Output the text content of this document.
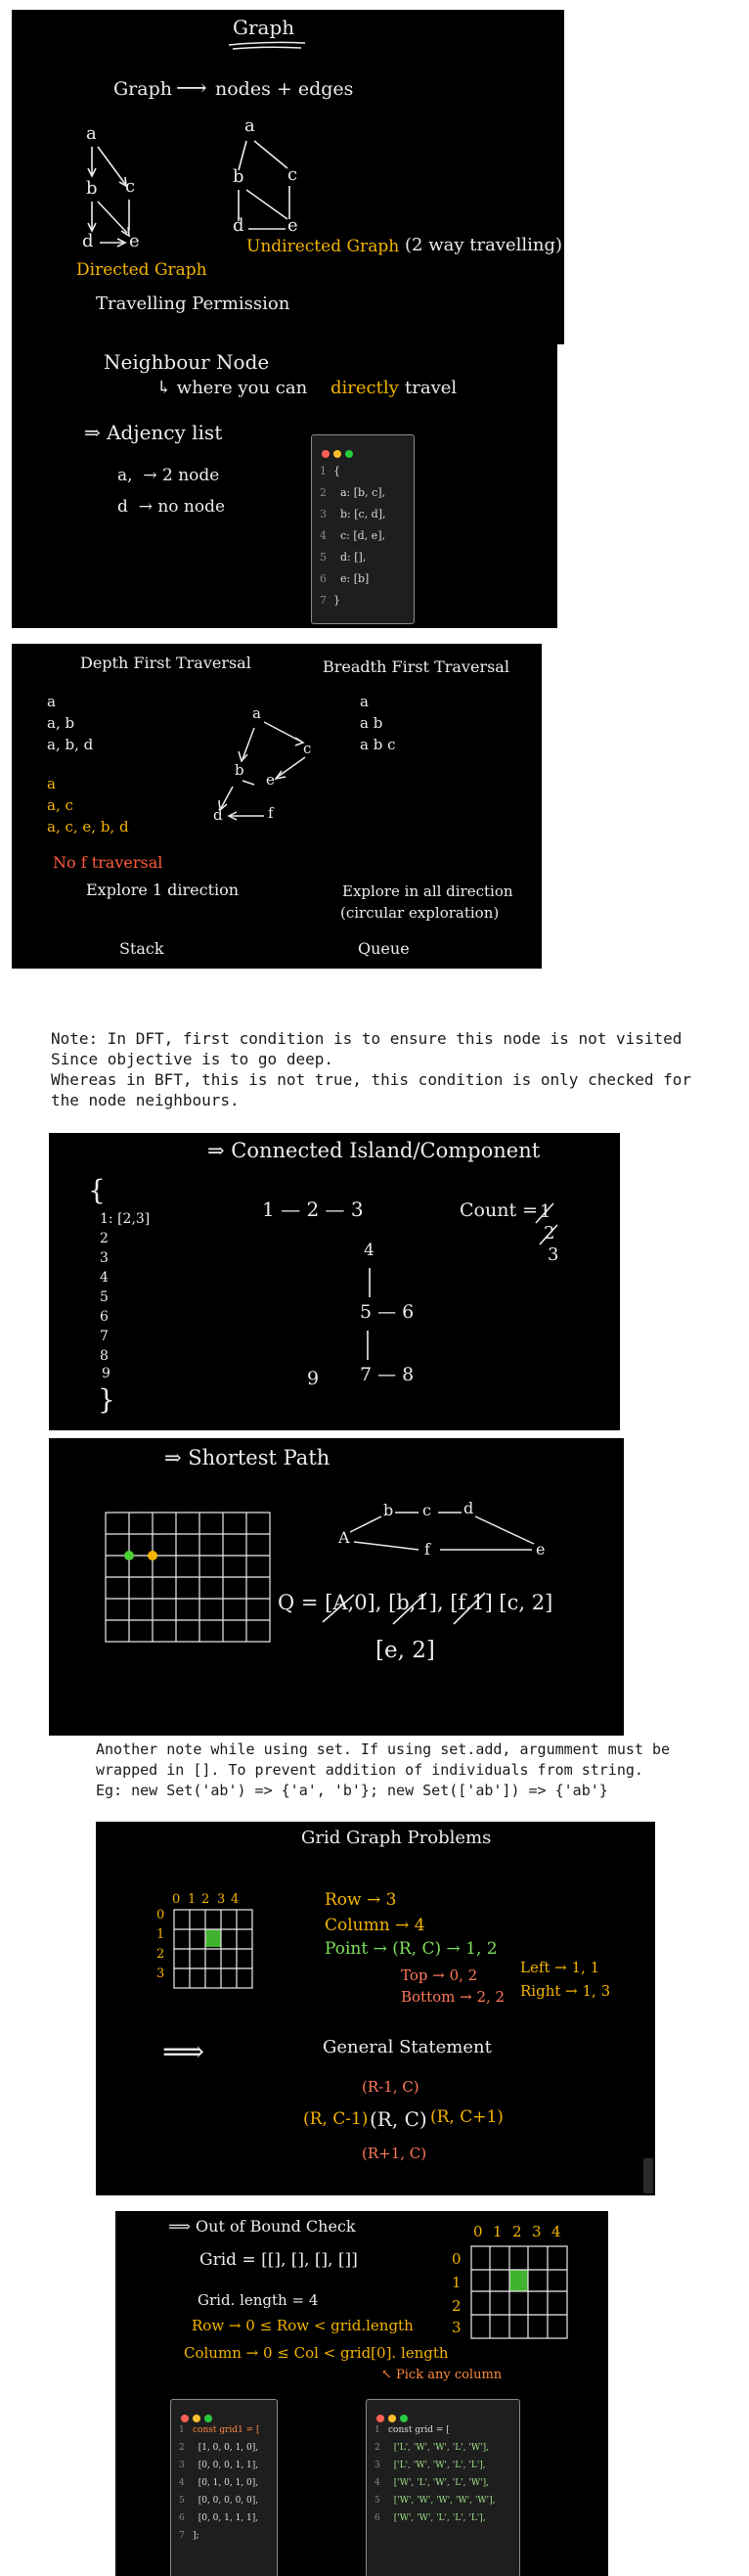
Graph
Graph ⟶ nodes + edges
a
b c
d e
a
b c
d e
Directed Graph
Undirected Graph (2 way travelling)
Travelling Permission
Neighbour Node
↳ where you can directly travel
⇒ Adjency list
a,  → 2 node
d  → no node
1 {
2  a: [b, c],
3  b: [c, d],
4  c: [d, e],
5  d: [],
6  e: [b]
7 }
Depth First Traversal	Breadth First Traversal
a
a, b
a, b, d
a
a, c
a, c, e, b, d
No f traversal
Explore 1 direction
Stack
a
a b
a b c
Explore in all direction
(circular exploration)
Queue
a
b
c
d
e
f
Note: In DFT, first condition is to ensure this node is not visited
Since objective is to go deep.
Whereas in BFT, this is not true, this condition is only checked for
the node neighbours.
⇒ Connected Island/Component
{
1: [2,3]
2
3
4
5
6
7
8
9
}
1 — 2 — 3
4
5 — 6
7 — 8
9
Count = 1
2
3
⇒ Shortest Path
A
b c d
f	e
Q = [A,0], [b,1], [f,1] [c, 2]
[e, 2]
Another note while using set. If using set.add, argumment must be
wrapped in []. To prevent addition of individuals from string.
Eg: new Set('ab') => {'a', 'b'}; new Set(['ab']) => {'ab'}
Grid Graph Problems
0 1 2 3 4
0
1
2
3
Row → 3
Column → 4
Point → (R, C) → 1, 2
Top → 0, 2
Bottom → 2, 2
Left → 1, 1
Right → 1, 3
⟹	General Statement
(R-1, C)
(R, C-1) (R, C) (R, C+1)
(R+1, C)
⟹ Out of Bound Check
Grid = [[], [], [], []]
Grid. length = 4
Row → 0 ≤ Row < grid.length
Column → 0 ≤ Col < grid[0]. length
↖ Pick any column
0 1 2 3 4
0
1
2
3
1 const grid1 = [
2  [1, 0, 0, 1, 0],
3  [0, 0, 0, 1, 1],
4  [0, 1, 0, 1, 0],
5  [0, 0, 0, 0, 0],
6  [0, 0, 1, 1, 1],
7 ];
1 const grid = [
2  ['L', 'W', 'W', 'L', 'W'],
3  ['L', 'W', 'W', 'L', 'L'],
4  ['W', 'L', 'W', 'L', 'W'],
5  ['W', 'W', 'W', 'W', 'W'],
6  ['W', 'W', 'L', 'L', 'L'],
